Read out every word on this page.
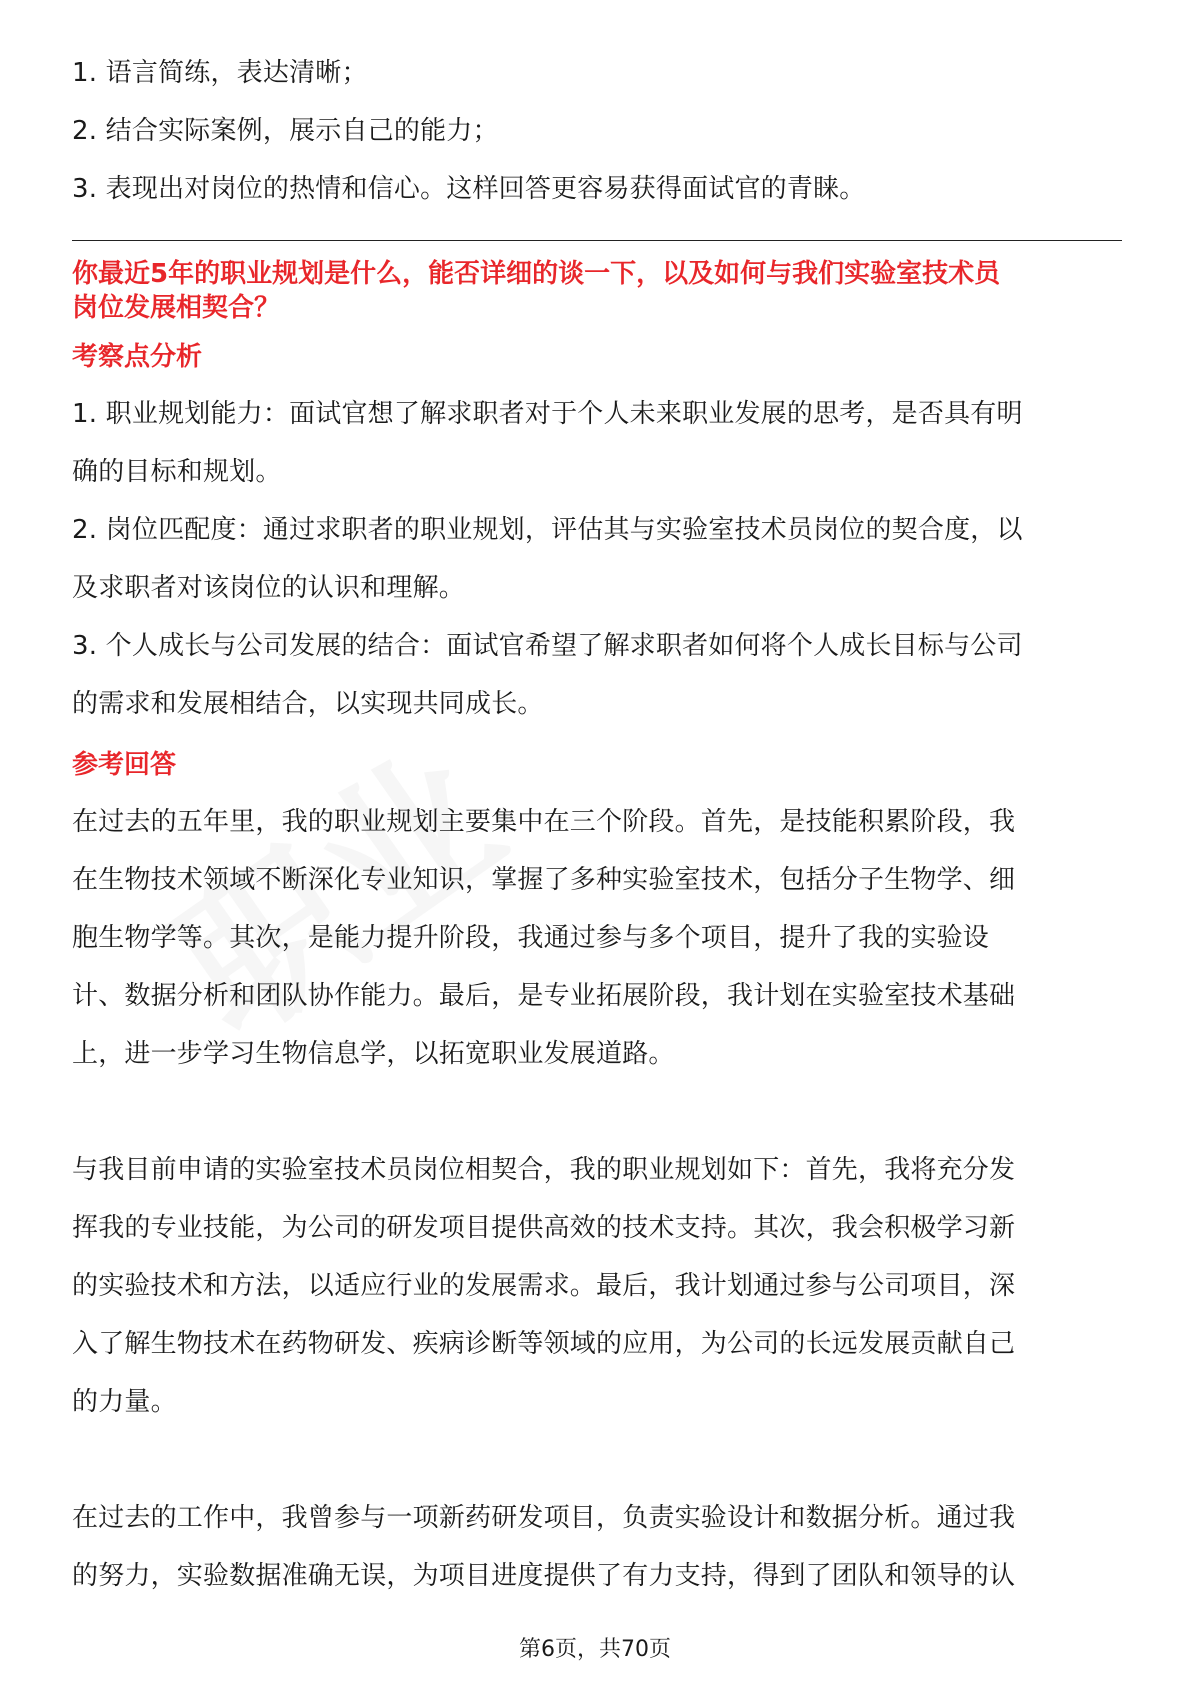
1. 语言简练，表达清晰；
2. 结合实际案例，展示自己的能力；
3. 表现出对岗位的热情和信心。这样回答更容易获得面试官的青睐。
你最近5年的职业规划是什么，能否详细的谈一下，以及如何与我们实验室技术员
岗位发展相契合？
考察点分析
1. 职业规划能力：面试官想了解求职者对于个人未来职业发展的思考，是否具有明
确的目标和规划。
2. 岗位匹配度：通过求职者的职业规划，评估其与实验室技术员岗位的契合度，以
及求职者对该岗位的认识和理解。
3. 个人成长与公司发展的结合：面试官希望了解求职者如何将个人成长目标与公司
的需求和发展相结合，以实现共同成长。
参考回答
在过去的五年里，我的职业规划主要集中在三个阶段。首先，是技能积累阶段，我
在生物技术领域不断深化专业知识，掌握了多种实验室技术，包括分子生物学、细
胞生物学等。其次，是能力提升阶段，我通过参与多个项目，提升了我的实验设
计、数据分析和团队协作能力。最后，是专业拓展阶段，我计划在实验室技术基础
上，进一步学习生物信息学，以拓宽职业发展道路。
与我目前申请的实验室技术员岗位相契合，我的职业规划如下：首先，我将充分发
挥我的专业技能，为公司的研发项目提供高效的技术支持。其次，我会积极学习新
的实验技术和方法，以适应行业的发展需求。最后，我计划通过参与公司项目，深
入了解生物技术在药物研发、疾病诊断等领域的应用，为公司的长远发展贡献自己
的力量。
在过去的工作中，我曾参与一项新药研发项目，负责实验设计和数据分析。通过我
的努力，实验数据准确无误，为项目进度提供了有力支持，得到了团队和领导的认
第6页，共70页
